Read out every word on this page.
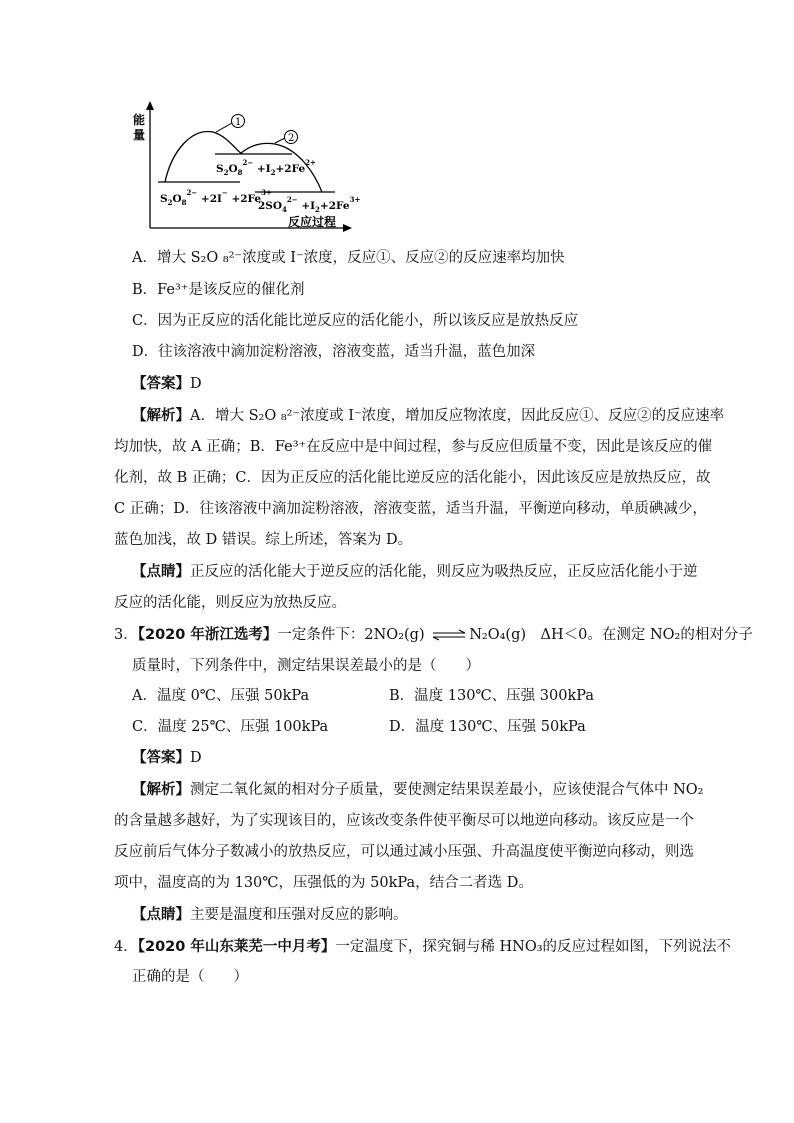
能 量
1
2
$S_2O_8^{2-} +I_2+2Fe^{2+}$
$S_2O_8^{2-} +2I^- +2Fe^{3+}$
$2SO_4^{2-} +I_2+2Fe^{3+}$
反应过程
A．增大 S₂O ₈²⁻浓度或 I⁻浓度，反应①、反应②的反应速率均加快
B．Fe³⁺是该反应的催化剂
C．因为正反应的活化能比逆反应的活化能小，所以该反应是放热反应
D．往该溶液中滴加淀粉溶液，溶液变蓝，适当升温，蓝色加深
【答案】D
【解析】A．增大 S₂O ₈²⁻浓度或 I⁻浓度，增加反应物浓度，因此反应①、反应②的反应速率
均加快，故 A 正确；B．Fe³⁺在反应中是中间过程，参与反应但质量不变，因此是该反应的催
化剂，故 B 正确；C．因为正反应的活化能比逆反应的活化能小，因此该反应是放热反应，故
C 正确；D．往该溶液中滴加淀粉溶液，溶液变蓝，适当升温，平衡逆向移动，单质碘减少，
蓝色加浅，故 D 错误。综上所述，答案为 D。
【点睛】正反应的活化能大于逆反应的活化能，则反应为吸热反应，正反应活化能小于逆
反应的活化能，则反应为放热反应。
3．【2020 年浙江选考】一定条件下：2NO₂(g) ⇌ N₂O₄(g)　ΔH＜0。在测定 NO₂的相对分子
质量时，下列条件中，测定结果误差最小的是（　　）
A．温度 0℃、压强 50kPa	B．温度 130℃、压强 300kPa
C．温度 25℃、压强 100kPa	D．温度 130℃、压强 50kPa
【答案】D
【解析】测定二氧化氮的相对分子质量，要使测定结果误差最小，应该使混合气体中 NO₂
的含量越多越好，为了实现该目的，应该改变条件使平衡尽可以地逆向移动。该反应是一个
反应前后气体分子数减小的放热反应，可以通过减小压强、升高温度使平衡逆向移动，则选
项中，温度高的为 130℃，压强低的为 50kPa，结合二者选 D。
【点睛】主要是温度和压强对反应的影响。
4．【2020 年山东莱芜一中月考】一定温度下，探究铜与稀 HNO₃的反应过程如图，下列说法不
正确的是（　　）
